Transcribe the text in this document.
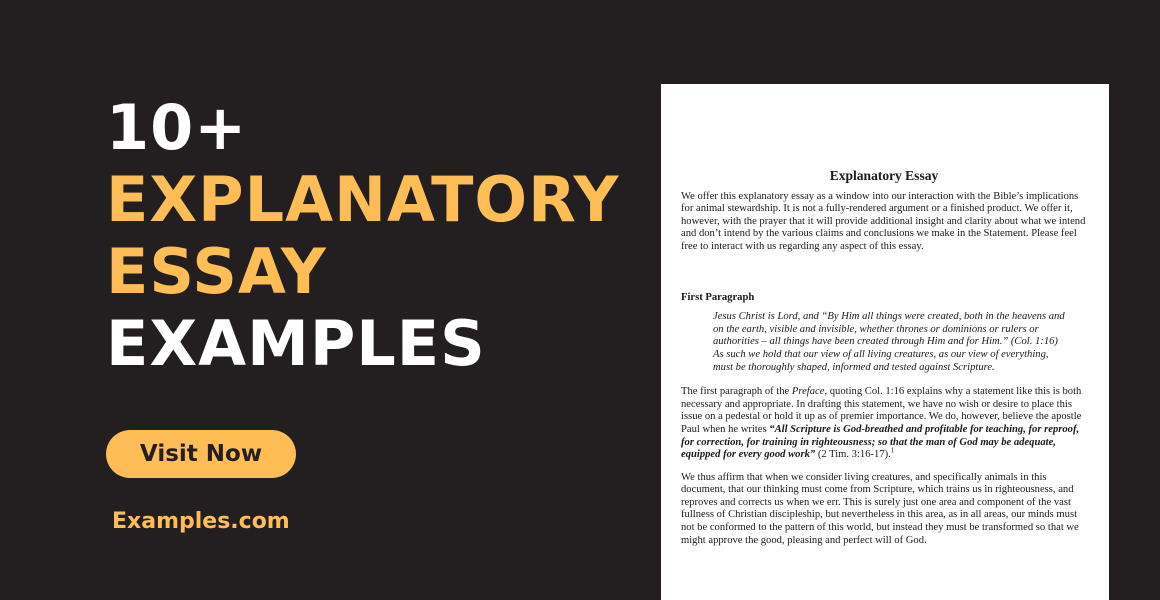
10+
EXPLANATORY
ESSAY
EXAMPLES
Visit Now
Examples.com
Explanatory Essay

We offer this explanatory essay as a window into our interaction with the Bible’s implications for animal stewardship. It is not a fully-rendered argument or a finished product. We offer it, however, with the prayer that it will provide additional insight and clarity about what we intend and don’t intend by the various claims and conclusions we make in the Statement. Please feel free to interact with us regarding any aspect of this essay.

First Paragraph

Jesus Christ is Lord, and “By Him all things were created, both in the heavens and on the earth, visible and invisible, whether thrones or dominions or rulers or authorities – all things have been created through Him and for Him.” (Col. 1:16) As such we hold that our view of all living creatures, as our view of everything, must be thoroughly shaped, informed and tested against Scripture.

The first paragraph of the Preface, quoting Col. 1:16 explains why a statement like this is both necessary and appropriate. In drafting this statement, we have no wish or desire to place this issue on a pedestal or hold it up as of premier importance. We do, however, believe the apostle Paul when he writes “All Scripture is God-breathed and profitable for teaching, for reproof, for correction, for training in righteousness; so that the man of God may be adequate, equipped for every good work” (2 Tim. 3:16-17).$^1$

We thus affirm that when we consider living creatures, and specifically animals in this document, that our thinking must come from Scripture, which trains us in righteousness, and reproves and corrects us when we err. This is surely just one area and component of the vast fullness of Christian discipleship, but nevertheless in this area, as in all areas, our minds must not be conformed to the pattern of this world, but instead they must be transformed so that we might approve the good, pleasing and perfect will of God.
